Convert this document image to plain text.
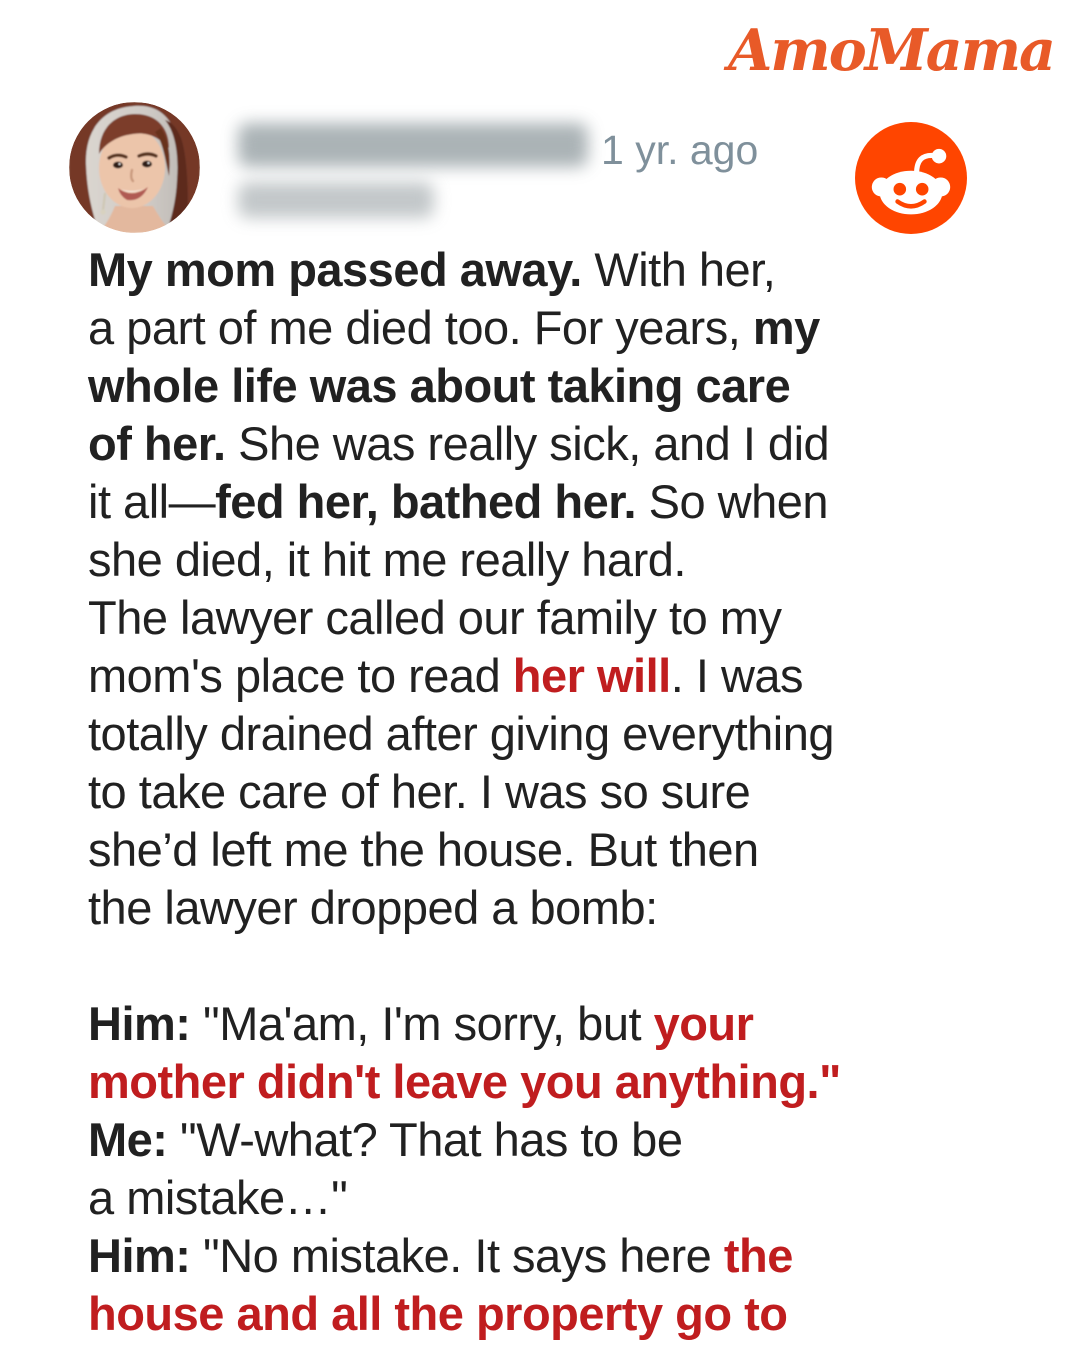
AmoMama
1 yr. ago
My mom passed away. With her,
a part of me died too. For years, my
whole life was about taking care
of her. She was really sick, and I did
it all—fed her, bathed her. So when
she died, it hit me really hard.
The lawyer called our family to my
mom's place to read her will. I was
totally drained after giving everything
to take care of her. I was so sure
she’d left me the house. But then
the lawyer dropped a bomb:
Him: "Ma'am, I'm sorry, but your
mother didn't leave you anything."
Me: "W-what? That has to be
a mistake…"
Him: "No mistake. It says here the
house and all the property go to
